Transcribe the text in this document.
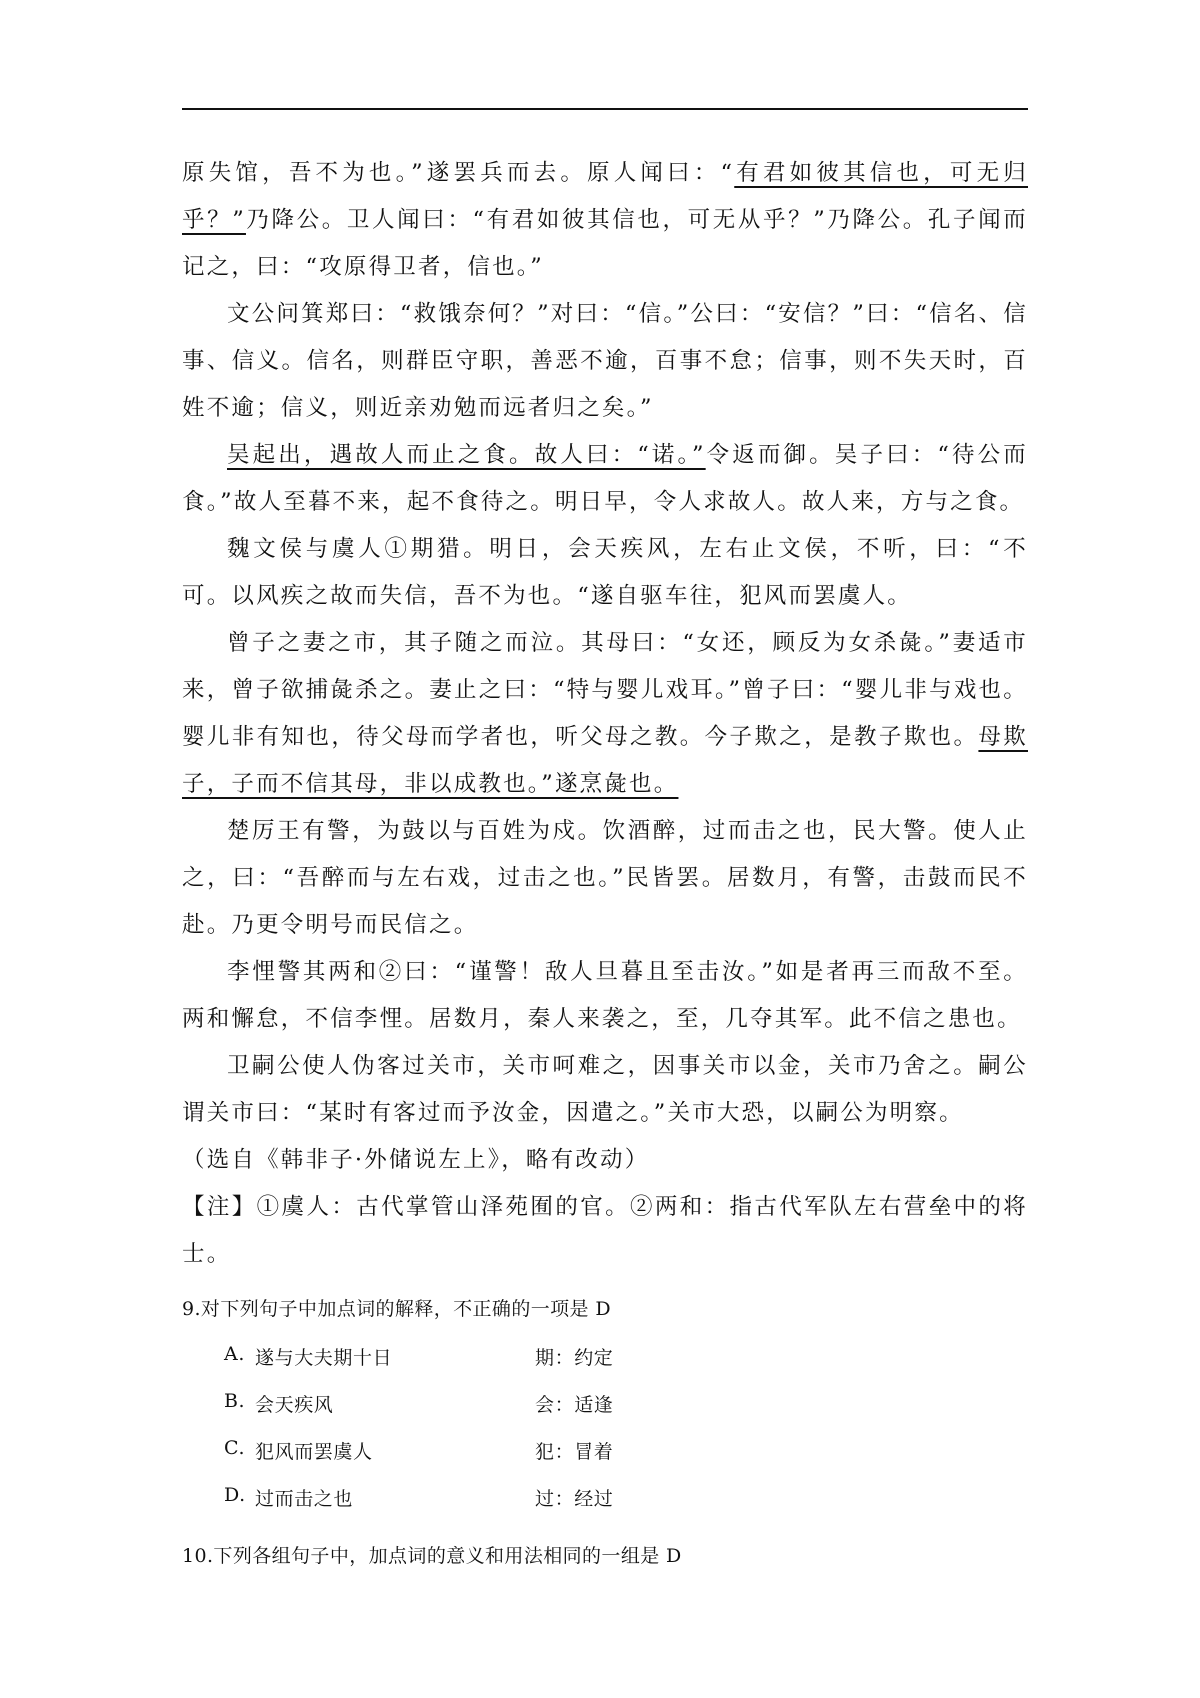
原失馆，吾不为也。”遂罢兵而去。原人闻曰：“有君如彼其信也，可无归乎？”乃降公。卫人闻曰：“有君如彼其信也，可无从乎？”乃降公。孔子闻而记之，曰：“攻原得卫者，信也。”

文公问箕郑曰：“救饿奈何？”对曰：“信。”公曰：“安信？”曰：“信名、信事、信义。信名，则群臣守职，善恶不逾，百事不怠；信事，则不失天时，百姓不逾；信义，则近亲劝勉而远者归之矣。”

吴起出，遇故人而止之食。故人曰：“诺。”令返而御。吴子曰：“待公而食。”故人至暮不来，起不食待之。明日早，令人求故人。故人来，方与之食。

魏文侯与虞人①期猎。明日，会天疾风，左右止文侯，不听，曰：“不可。以风疾之故而失信，吾不为也。“遂自驱车往，犯风而罢虞人。

曾子之妻之市，其子随之而泣。其母曰：“女还，顾反为女杀彘。”妻适市来，曾子欲捕彘杀之。妻止之曰：“特与婴儿戏耳。”曾子曰：“婴儿非与戏也。婴儿非有知也，待父母而学者也，听父母之教。今子欺之，是教子欺也。母欺子，子而不信其母，非以成教也。”遂烹彘也。

楚厉王有警，为鼓以与百姓为戍。饮酒醉，过而击之也，民大警。使人止之，曰：“吾醉而与左右戏，过击之也。”民皆罢。居数月，有警，击鼓而民不赴。乃更令明号而民信之。

李悝警其两和②曰：“谨警！敌人旦暮且至击汝。”如是者再三而敌不至。两和懈怠，不信李悝。居数月，秦人来袭之，至，几夺其军。此不信之患也。

卫嗣公使人伪客过关市，关市呵难之，因事关市以金，关市乃舍之。嗣公谓关市曰：“某时有客过而予汝金，因遣之。”关市大恐，以嗣公为明察。

（选自《韩非子·外储说左上》，略有改动）

【注】①虞人：古代掌管山泽苑囿的官。②两和：指古代军队左右营垒中的将士。

9.对下列句子中加点词的解释，不正确的一项是 D
A. 遂与大夫期十日	期：约定
B. 会天疾风	会：适逢
C. 犯风而罢虞人	犯：冒着
D. 过而击之也	过：经过
10.下列各组句子中，加点词的意义和用法相同的一组是 D
